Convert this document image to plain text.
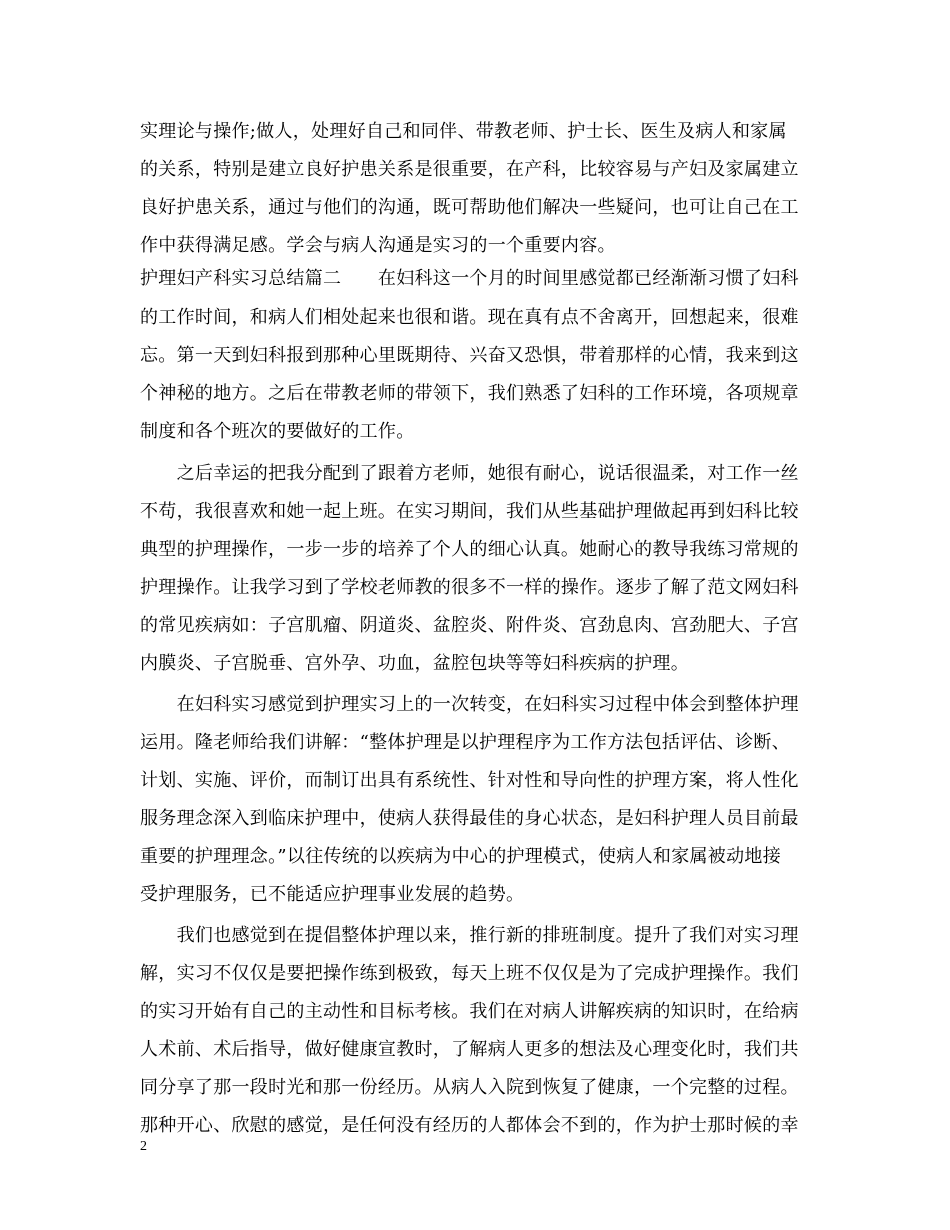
实理论与操作;做人，处理好自己和同伴、带教老师、护士长、医生及病人和家属
的关系，特别是建立良好护患关系是很重要，在产科，比较容易与产妇及家属建立
良好护患关系，通过与他们的沟通，既可帮助他们解决一些疑问，也可让自己在工
作中获得满足感。学会与病人沟通是实习的一个重要内容。
护理妇产科实习总结篇二　　在妇科这一个月的时间里感觉都已经渐渐习惯了妇科
的工作时间，和病人们相处起来也很和谐。现在真有点不舍离开，回想起来，很难
忘。第一天到妇科报到那种心里既期待、兴奋又恐惧，带着那样的心情，我来到这
个神秘的地方。之后在带教老师的带领下，我们熟悉了妇科的工作环境，各项规章
制度和各个班次的要做好的工作。
　　之后幸运的把我分配到了跟着方老师，她很有耐心，说话很温柔，对工作一丝
不苟，我很喜欢和她一起上班。在实习期间，我们从些基础护理做起再到妇科比较
典型的护理操作，一步一步的培养了个人的细心认真。她耐心的教导我练习常规的
护理操作。让我学习到了学校老师教的很多不一样的操作。逐步了解了范文网妇科
的常见疾病如：子宫肌瘤、阴道炎、盆腔炎、附件炎、宫劲息肉、宫劲肥大、子宫
内膜炎、子宫脱垂、宫外孕、功血，盆腔包块等等妇科疾病的护理。
　　在妇科实习感觉到护理实习上的一次转变，在妇科实习过程中体会到整体护理
运用。隆老师给我们讲解：“整体护理是以护理程序为工作方法包括评估、诊断、
计划、实施、评价，而制订出具有系统性、针对性和导向性的护理方案，将人性化
服务理念深入到临床护理中，使病人获得最佳的身心状态，是妇科护理人员目前最
重要的护理理念。”以往传统的以疾病为中心的护理模式，使病人和家属被动地接
受护理服务，已不能适应护理事业发展的趋势。
　　我们也感觉到在提倡整体护理以来，推行新的排班制度。提升了我们对实习理
解，实习不仅仅是要把操作练到极致，每天上班不仅仅是为了完成护理操作。我们
的实习开始有自己的主动性和目标考核。我们在对病人讲解疾病的知识时，在给病
人术前、术后指导，做好健康宣教时，了解病人更多的想法及心理变化时，我们共
同分享了那一段时光和那一份经历。从病人入院到恢复了健康，一个完整的过程。
那种开心、欣慰的感觉，是任何没有经历的人都体会不到的，作为护士那时候的幸
2
